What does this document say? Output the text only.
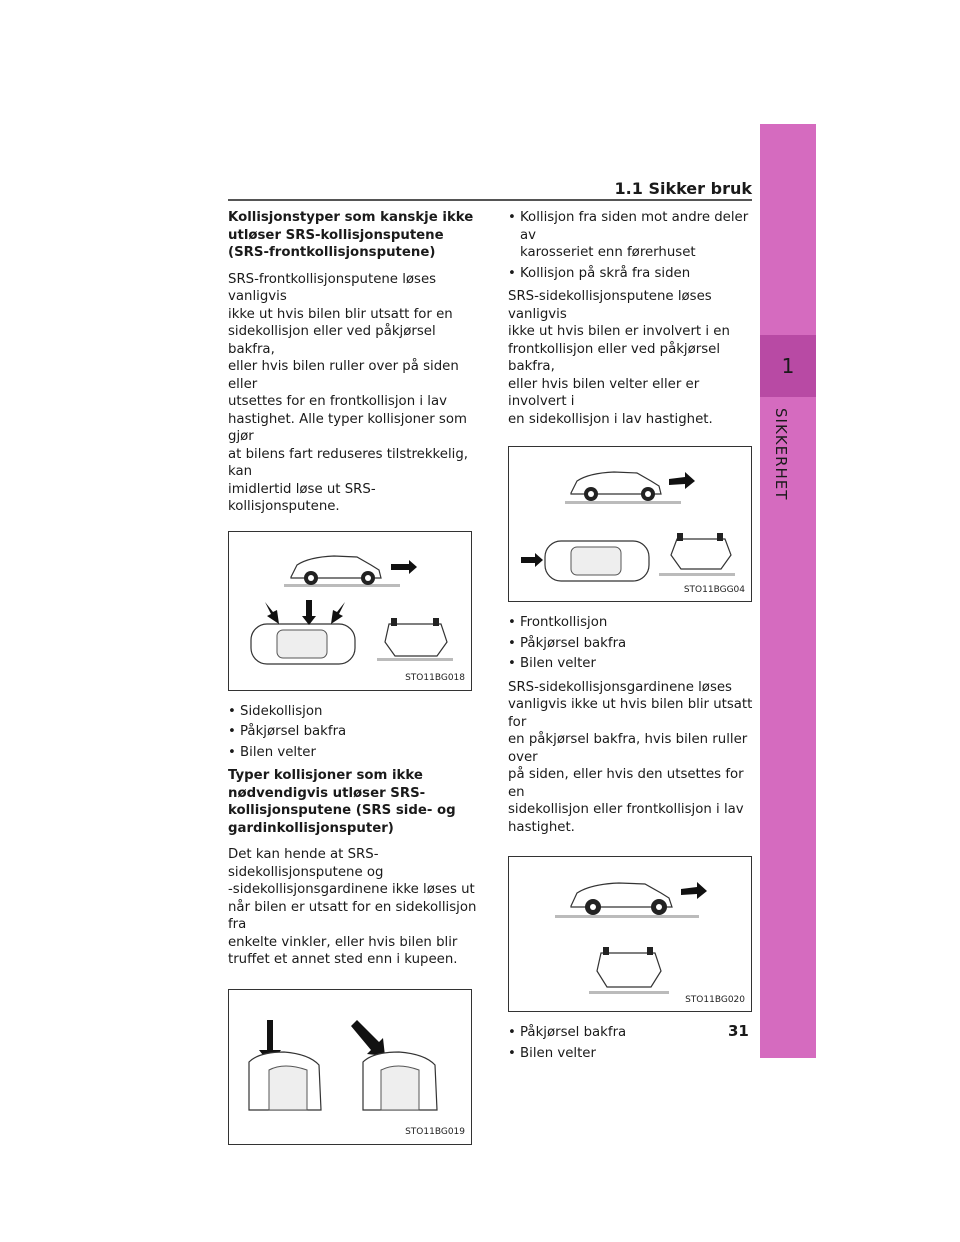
1.1 Sikker bruk
1
SIKKERHET

Kollisjonstyper som kanskje ikke
utløser SRS-kollisjonsputene
(SRS-frontkollisjonsputene)

SRS-frontkollisjonsputene løses vanligvis
ikke ut hvis bilen blir utsatt for en
sidekollisjon eller ved påkjørsel bakfra,
eller hvis bilen ruller over på siden eller
utsettes for en frontkollisjon i lav
hastighet. Alle typer kollisjoner som gjør
at bilens fart reduseres tilstrekkelig, kan
imidlertid løse ut SRS-kollisjonsputene.

STO11BG018
• Sidekollisjon
• Påkjørsel bakfra
• Bilen velter

Typer kollisjoner som ikke
nødvendigvis utløser SRS-
kollisjonsputene (SRS side- og
gardinkollisjonsputer)

Det kan hende at SRS-
sidekollisjonsputene og
-sidekollisjonsgardinene ikke løses ut
når bilen er utsatt for en sidekollisjon fra
enkelte vinkler, eller hvis bilen blir
truffet et annet sted enn i kupeen.

STO11BG019
• Kollisjon fra siden mot andre deler av
karosseriet enn førerhuset
• Kollisjon på skrå fra siden

SRS-sidekollisjonsputene løses vanligvis
ikke ut hvis bilen er involvert i en
frontkollisjon eller ved påkjørsel bakfra,
eller hvis bilen velter eller er involvert i
en sidekollisjon i lav hastighet.

STO11BGG04
• Frontkollisjon
• Påkjørsel bakfra
• Bilen velter

SRS-sidekollisjonsgardinene løses
vanligvis ikke ut hvis bilen blir utsatt for
en påkjørsel bakfra, hvis bilen ruller over
på siden, eller hvis den utsettes for en
sidekollisjon eller frontkollisjon i lav
hastighet.

STO11BG020
• Påkjørsel bakfra
• Bilen velter
31
